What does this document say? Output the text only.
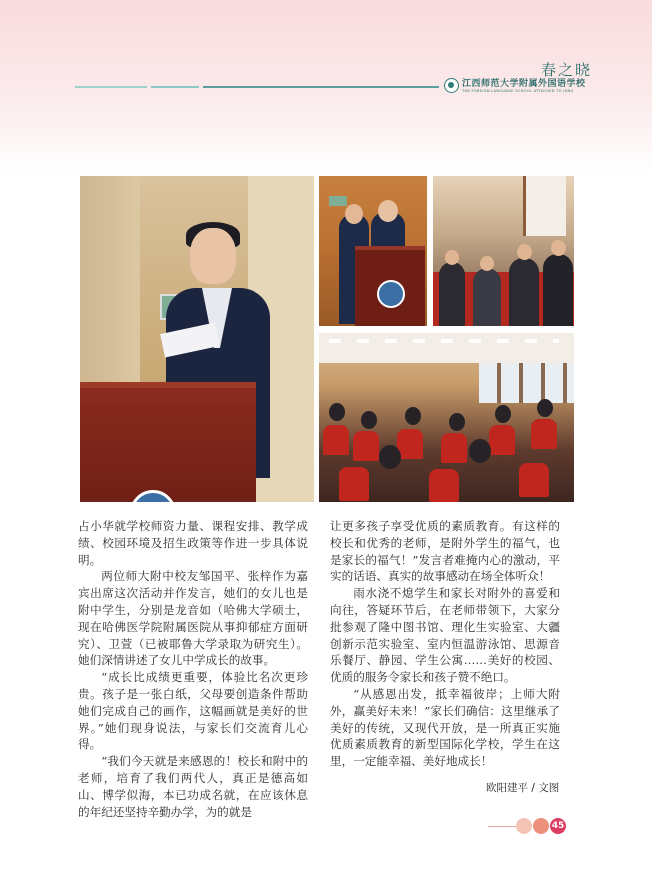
春之晓
江西师范大学附属外国语学校
THE FOREIGN LANGUAGE SCHOOL ATTACHED TO JXNU

占小华就学校师资力量、课程安排、教学成绩、校园环境及招生政策等作进一步具体说明。

两位师大附中校友邹国平、张梓作为嘉宾出席这次活动并作发言，她们的女儿也是附中学生，分别是龙音如（哈佛大学硕士，现在哈佛医学院附属医院从事抑郁症方面研究）、卫萱（已被耶鲁大学录取为研究生）。她们深情讲述了女儿中学成长的故事。

“成长比成绩更重要，体验比名次更珍贵。孩子是一张白纸，父母要创造条件帮助她们完成自己的画作，这幅画就是美好的世界。”她们现身说法，与家长们交流育儿心得。

“我们今天就是来感恩的！校长和附中的老师，培育了我们两代人，真正是德高如山、博学似海，本已功成名就，在应该休息的年纪还坚持辛勤办学，为的就是

让更多孩子享受优质的素质教育。有这样的校长和优秀的老师，是附外学生的福气，也是家长的福气！”发言者难掩内心的激动，平实的话语、真实的故事感动在场全体听众！

雨水浇不熄学生和家长对附外的喜爱和向往，答疑环节后，在老师带领下，大家分批参观了隆中图书馆、理化生实验室、大疆创新示范实验室、室内恒温游泳馆、思源音乐餐厅、静园、学生公寓……美好的校园、优质的服务令家长和孩子赞不绝口。

“从感恩出发，抵幸福彼岸；上师大附外，赢美好未来！”家长们确信：这里继承了美好的传统，又现代开放，是一所真正实施优质素质教育的新型国际化学校，学生在这里，一定能幸福、美好地成长！

欧阳建平 / 文图
45
